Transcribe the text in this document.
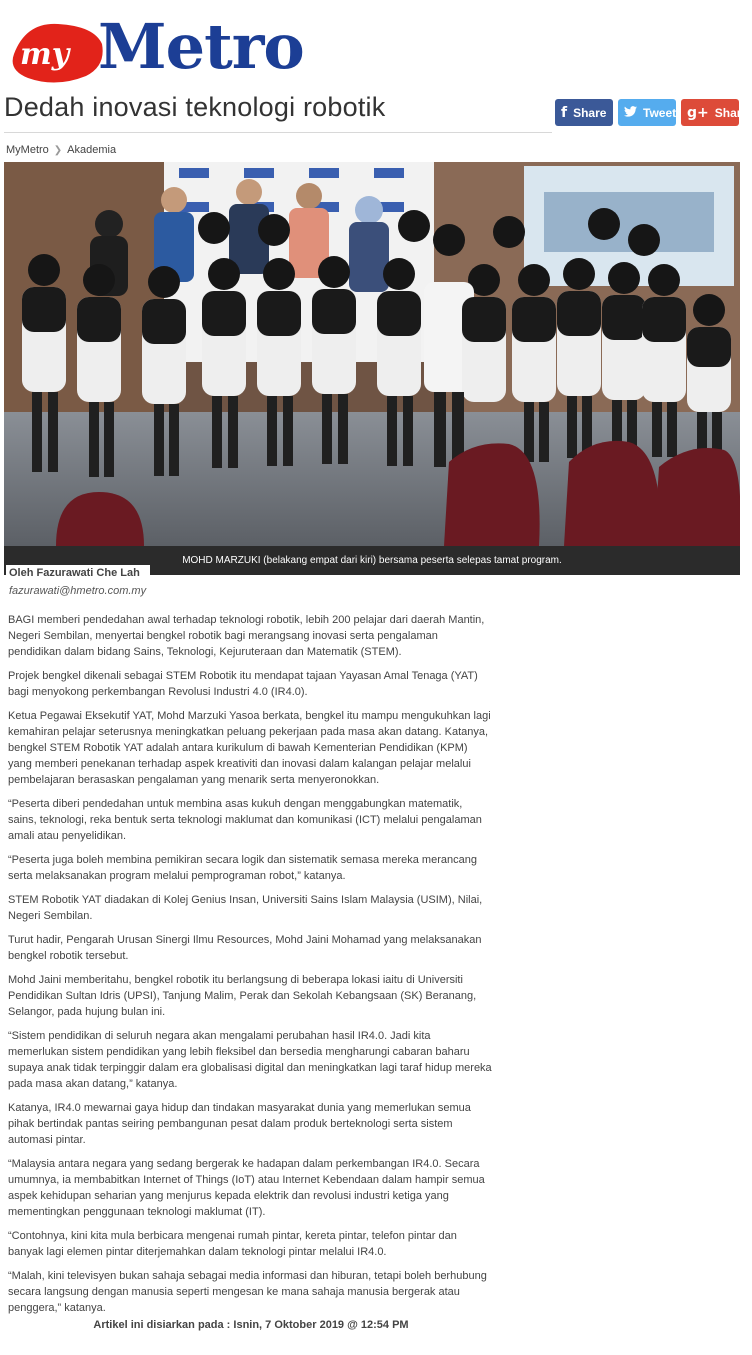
my Metro
Dedah inovasi teknologi robotik	f Share	Tweet g+ Share
MyMetro ❯ Akademia
MOHD MARZUKI (belakang empat dari kiri) bersama peserta selepas tamat program.
Oleh Fazurawati Che Lah
fazurawati@hmetro.com.my

BAGI memberi pendedahan awal terhadap teknologi robotik, lebih 200 pelajar dari daerah Mantin, Negeri Sembilan, menyertai bengkel robotik bagi merangsang inovasi serta pengalaman pendidikan dalam bidang Sains, Teknologi, Kejuruteraan dan Matematik (STEM).

Projek bengkel dikenali sebagai STEM Robotik itu mendapat tajaan Yayasan Amal Tenaga (YAT) bagi menyokong perkembangan Revolusi Industri 4.0 (IR4.0).

Ketua Pegawai Eksekutif YAT, Mohd Marzuki Yasoa berkata, bengkel itu mampu mengukuhkan lagi kemahiran pelajar seterusnya meningkatkan peluang pekerjaan pada masa akan datang. Katanya, bengkel STEM Robotik YAT adalah antara kurikulum di bawah Kementerian Pendidikan (KPM) yang memberi penekanan terhadap aspek kreativiti dan inovasi dalam kalangan pelajar melalui pembelajaran berasaskan pengalaman yang menarik serta menyeronokkan.

“Peserta diberi pendedahan untuk membina asas kukuh dengan menggabungkan matematik, sains, teknologi, reka bentuk serta teknologi maklumat dan komunikasi (ICT) melalui pengalaman amali atau penyelidikan.

“Peserta juga boleh membina pemikiran secara logik dan sistematik semasa mereka merancang serta melaksanakan program melalui pemprograman robot,” katanya.

STEM Robotik YAT diadakan di Kolej Genius Insan, Universiti Sains Islam Malaysia (USIM), Nilai, Negeri Sembilan.

Turut hadir, Pengarah Urusan Sinergi Ilmu Resources, Mohd Jaini Mohamad yang melaksanakan bengkel robotik tersebut.

Mohd Jaini memberitahu, bengkel robotik itu berlangsung di beberapa lokasi iaitu di Universiti Pendidikan Sultan Idris (UPSI), Tanjung Malim, Perak dan Sekolah Kebangsaan (SK) Beranang, Selangor, pada hujung bulan ini.

“Sistem pendidikan di seluruh negara akan mengalami perubahan hasil IR4.0. Jadi kita memerlukan sistem pendidikan yang lebih fleksibel dan bersedia mengharungi cabaran baharu supaya anak tidak terpinggir dalam era globalisasi digital dan meningkatkan lagi taraf hidup mereka pada masa akan datang,” katanya.

Katanya, IR4.0 mewarnai gaya hidup dan tindakan masyarakat dunia yang memerlukan semua pihak bertindak pantas seiring pembangunan pesat dalam produk berteknologi serta sistem automasi pintar.

“Malaysia antara negara yang sedang bergerak ke hadapan dalam perkembangan IR4.0. Secara umumnya, ia membabitkan Internet of Things (IoT) atau Internet Kebendaan dalam hampir semua aspek kehidupan seharian yang menjurus kepada elektrik dan revolusi industri ketiga yang mementingkan penggunaan teknologi maklumat (IT).

“Contohnya, kini kita mula berbicara mengenai rumah pintar, kereta pintar, telefon pintar dan banyak lagi elemen pintar diterjemahkan dalam teknologi pintar melalui IR4.0.

“Malah, kini televisyen bukan sahaja sebagai media informasi dan hiburan, tetapi boleh berhubung secara langsung dengan manusia seperti mengesan ke mana sahaja manusia bergerak atau penggera,” katanya.

Artikel ini disiarkan pada : Isnin, 7 Oktober 2019 @ 12:54 PM
